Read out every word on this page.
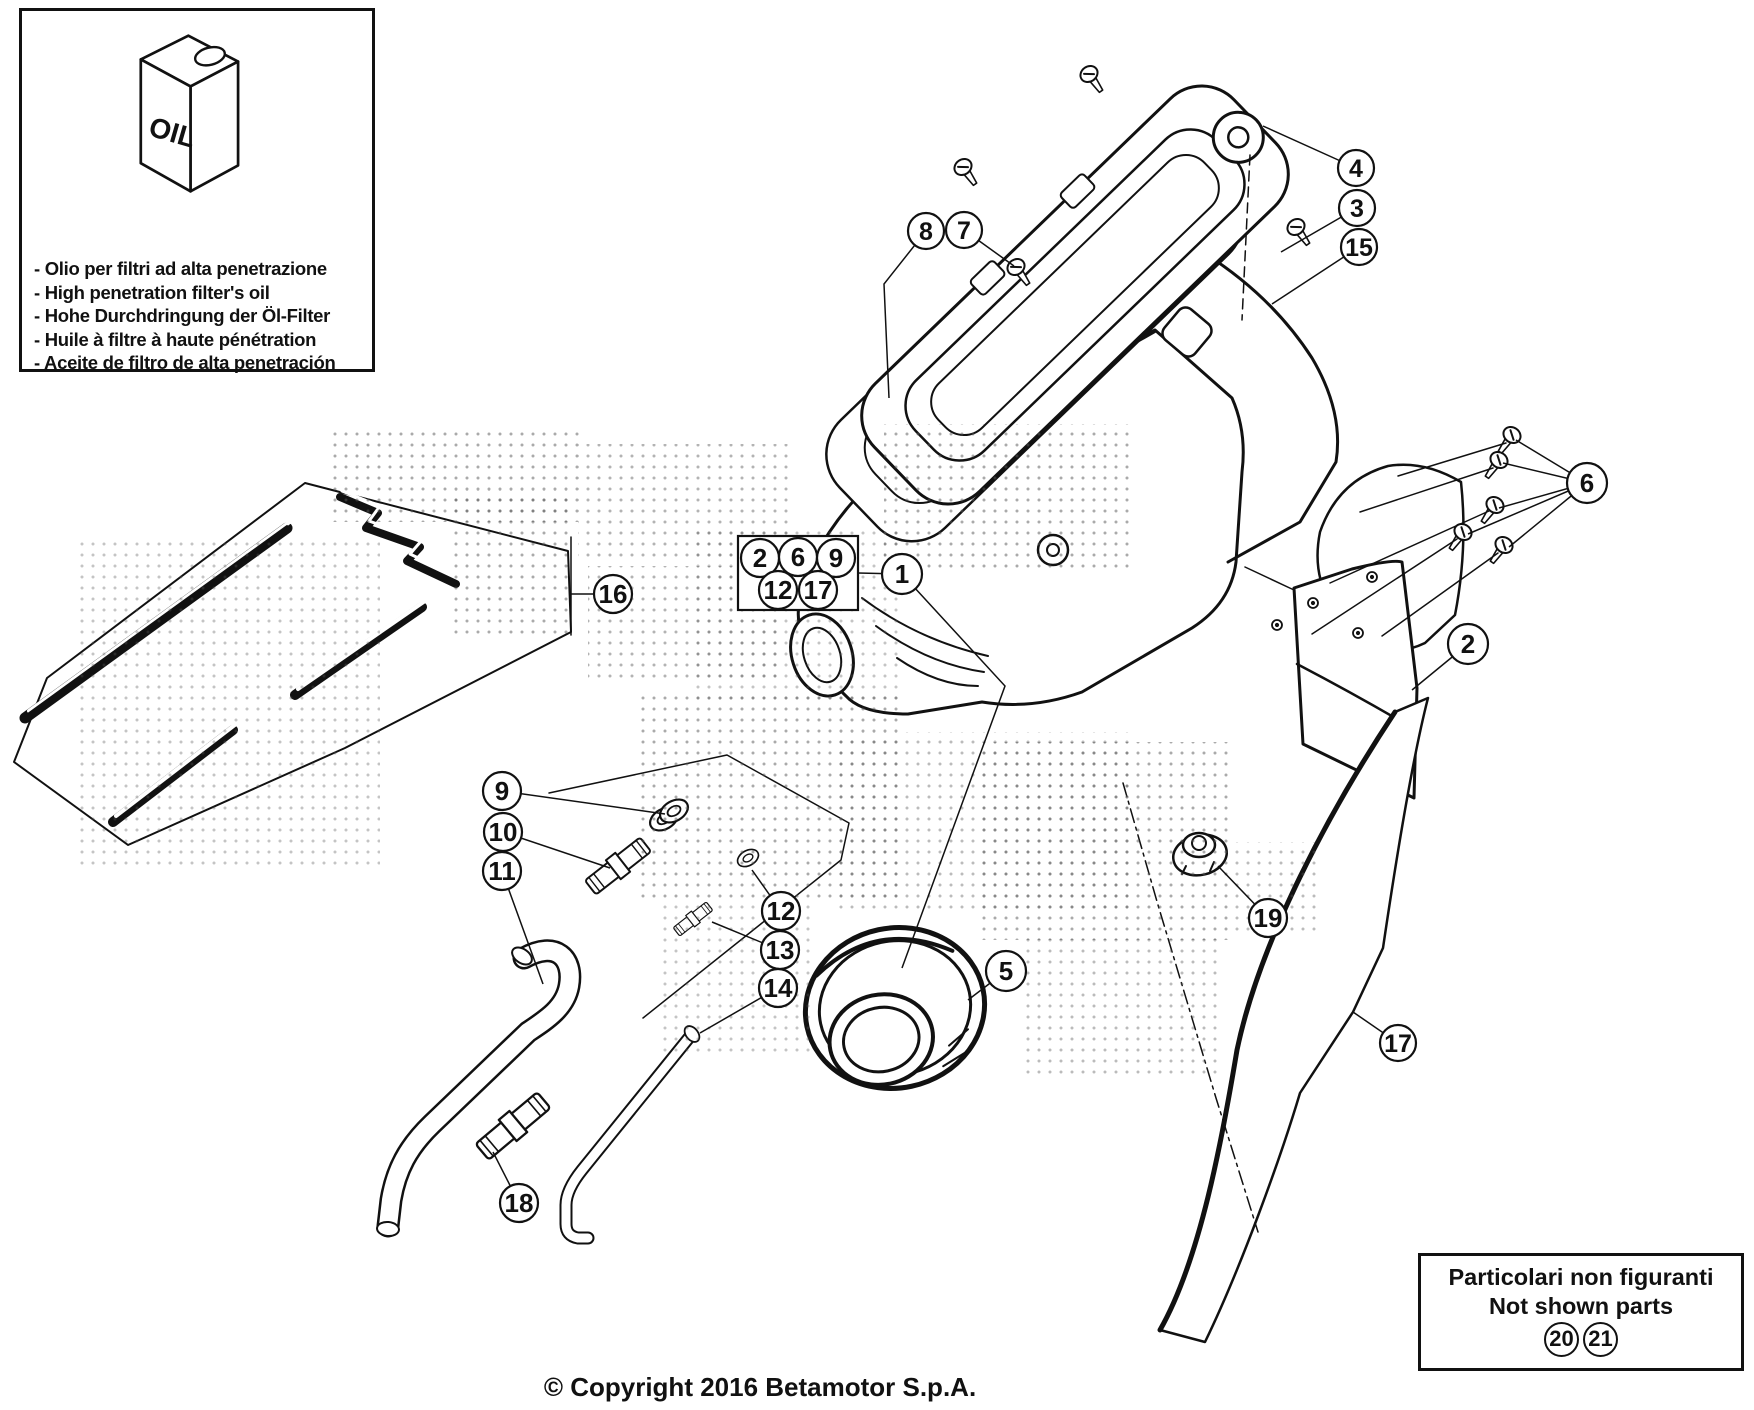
1
2
3
4
5
6
7
8
9
10
11
12
13
14
15
16
17
18
19
2 6 9
12 17
OIL
- Olio per filtri ad alta penetrazione
- High penetration filter's oil
- Hohe Durchdringung der Öl-Filter
- Huile à filtre à haute pénétration
- Aceite de filtro de alta penetración
Particolari non figuranti
Not shown parts
20 21
© Copyright 2016 Betamotor S.p.A.
